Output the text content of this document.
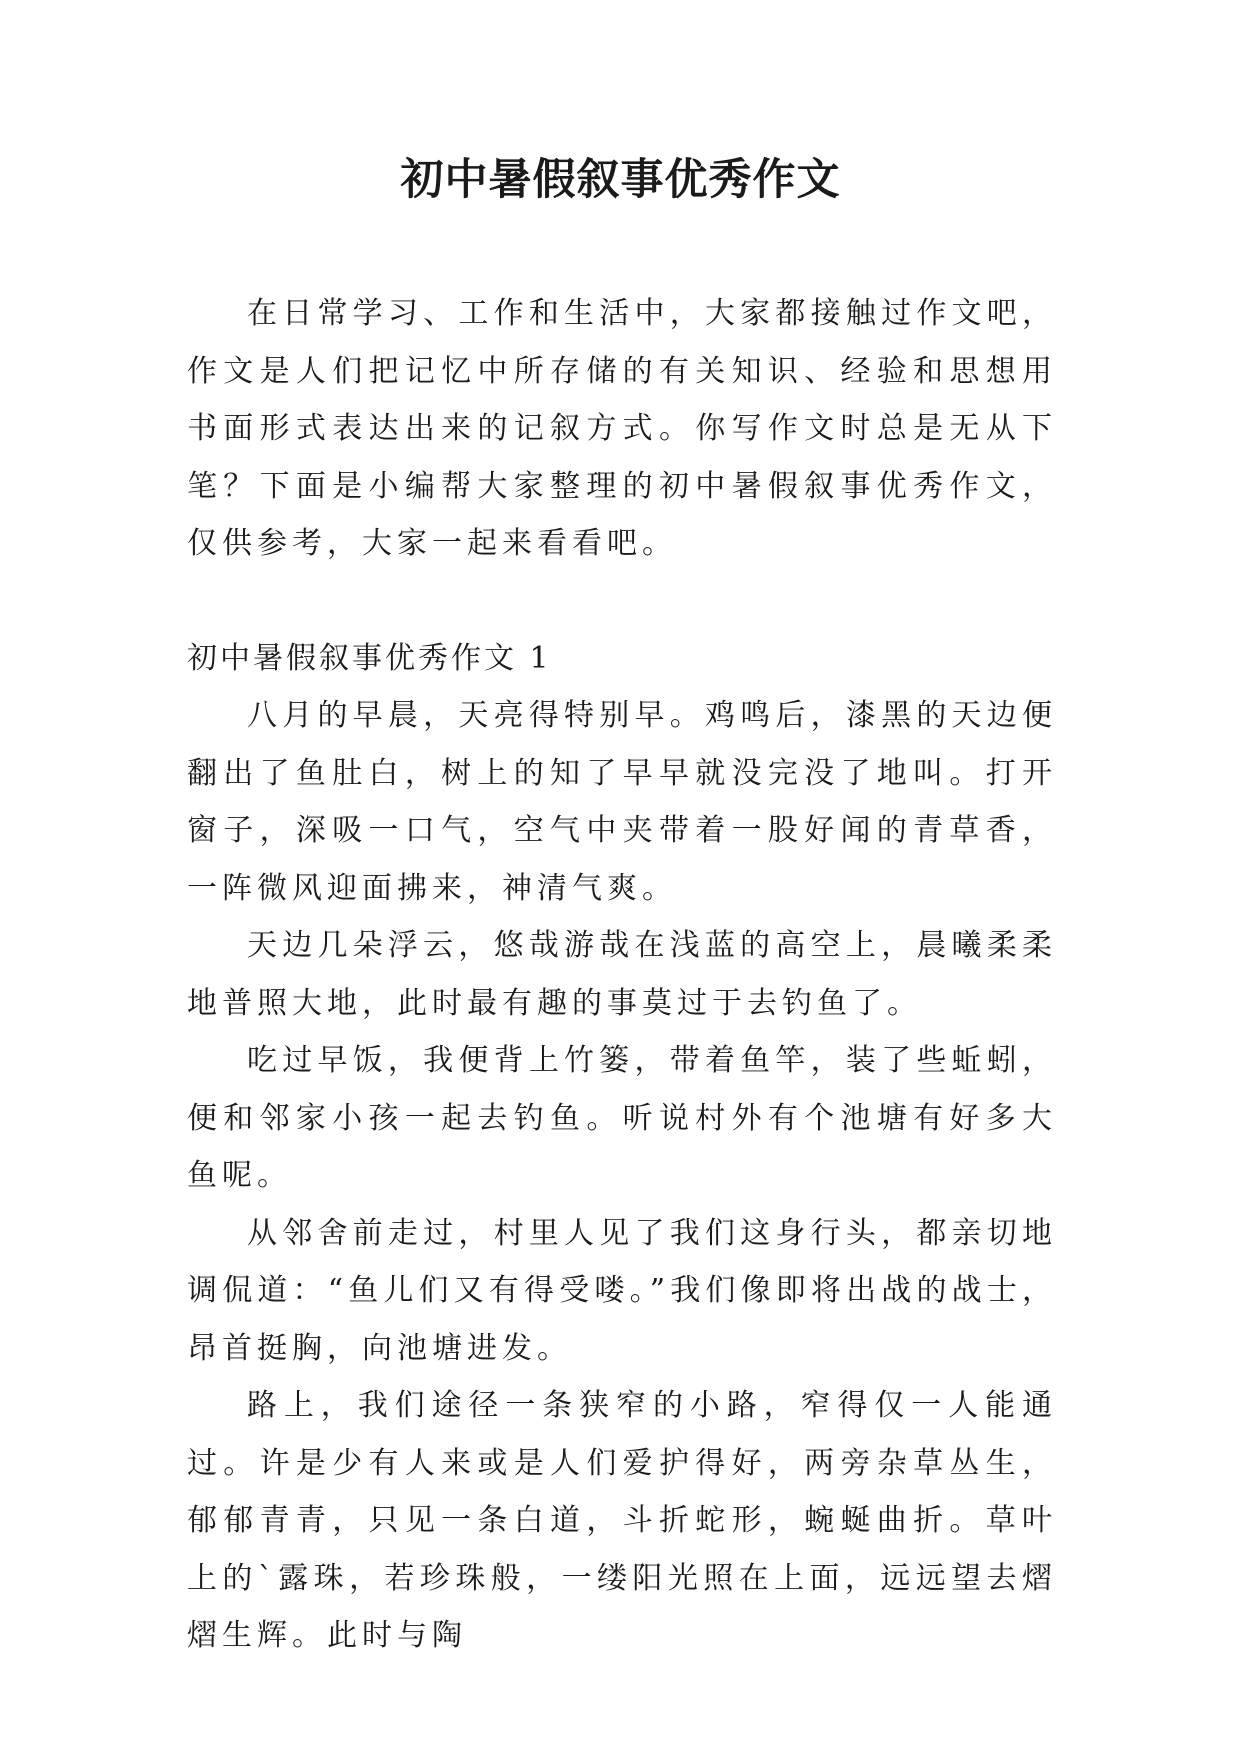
初中暑假叙事优秀作文

在日常学习、工作和生活中，大家都接触过作文吧，作文是人们把记忆中所存储的有关知识、经验和思想用书面形式表达出来的记叙方式。你写作文时总是无从下笔？下面是小编帮大家整理的初中暑假叙事优秀作文，仅供参考，大家一起来看看吧。

初中暑假叙事优秀作文 1

八月的早晨，天亮得特别早。鸡鸣后，漆黑的天边便翻出了鱼肚白，树上的知了早早就没完没了地叫。打开窗子，深吸一口气，空气中夹带着一股好闻的青草香，一阵微风迎面拂来，神清气爽。

天边几朵浮云，悠哉游哉在浅蓝的高空上，晨曦柔柔地普照大地，此时最有趣的事莫过于去钓鱼了。

吃过早饭，我便背上竹篓，带着鱼竿，装了些蚯蚓，便和邻家小孩一起去钓鱼。听说村外有个池塘有好多大鱼呢。

从邻舍前走过，村里人见了我们这身行头，都亲切地调侃道：“鱼儿们又有得受喽。”我们像即将出战的战士，昂首挺胸，向池塘进发。

路上，我们途径一条狭窄的小路，窄得仅一人能通过。许是少有人来或是人们爱护得好，两旁杂草丛生，郁郁青青，只见一条白道，斗折蛇形，蜿蜒曲折。草叶上的`露珠，若珍珠般，一缕阳光照在上面，远远望去熠熠生辉。此时与陶
